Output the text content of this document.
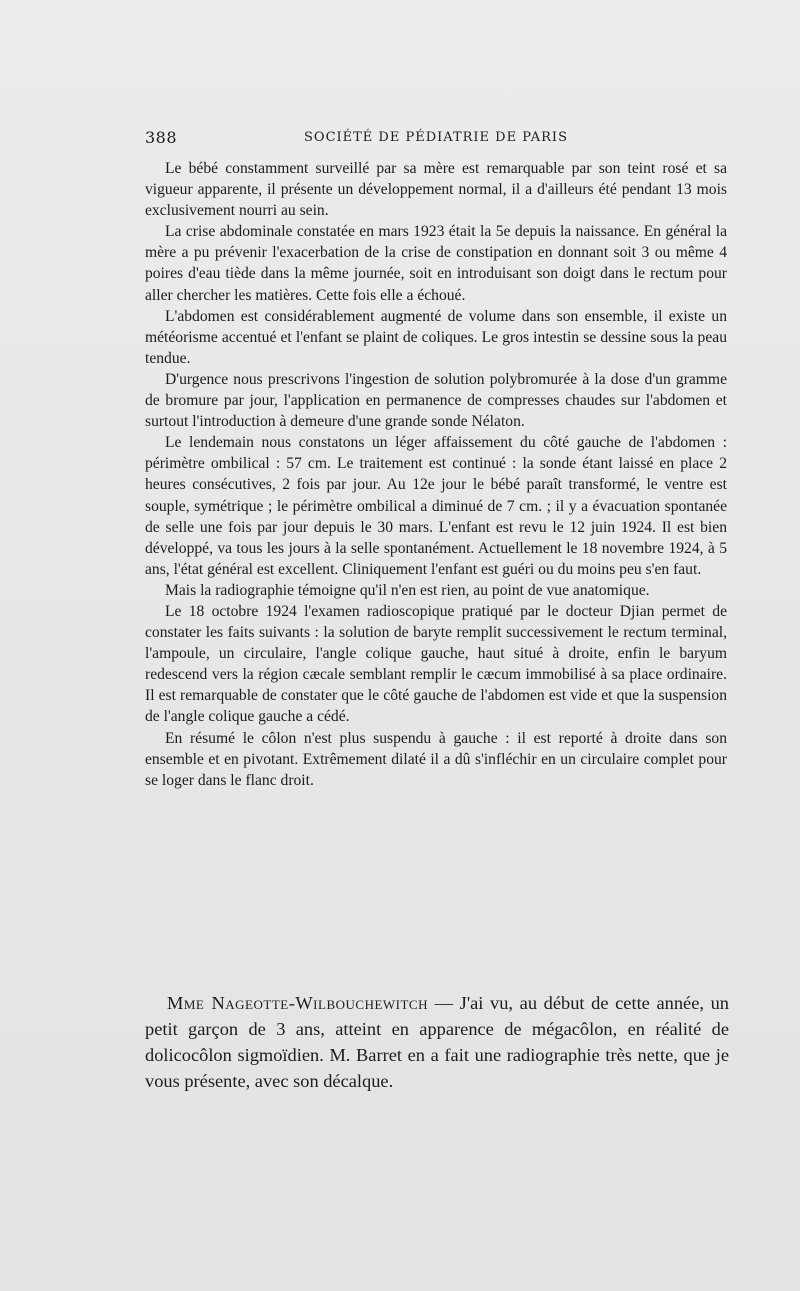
388	SOCIÉTÉ DE PÉDIATRIE DE PARIS

Le bébé constamment surveillé par sa mère est remarquable par son teint rosé et sa vigueur apparente, il présente un développement normal, il a d'ailleurs été pendant 13 mois exclusivement nourri au sein.

La crise abdominale constatée en mars 1923 était la 5e depuis la naissance. En général la mère a pu prévenir l'exacerbation de la crise de constipation en donnant soit 3 ou même 4 poires d'eau tiède dans la même journée, soit en introduisant son doigt dans le rectum pour aller chercher les matières. Cette fois elle a échoué.

L'abdomen est considérablement augmenté de volume dans son ensemble, il existe un météorisme accentué et l'enfant se plaint de coliques. Le gros intestin se dessine sous la peau tendue.

D'urgence nous prescrivons l'ingestion de solution polybromurée à la dose d'un gramme de bromure par jour, l'application en permanence de compresses chaudes sur l'abdomen et surtout l'introduction à demeure d'une grande sonde Nélaton.

Le lendemain nous constatons un léger affaissement du côté gauche de l'abdomen : périmètre ombilical : 57 cm. Le traitement est continué : la sonde étant laissé en place 2 heures consécutives, 2 fois par jour. Au 12e jour le bébé paraît transformé, le ventre est souple, symétrique ; le périmètre ombilical a diminué de 7 cm. ; il y a évacuation spontanée de selle une fois par jour depuis le 30 mars. L'enfant est revu le 12 juin 1924. Il est bien développé, va tous les jours à la selle spontanément. Actuellement le 18 novembre 1924, à 5 ans, l'état général est excellent. Cliniquement l'enfant est guéri ou du moins peu s'en faut.

Mais la radiographie témoigne qu'il n'en est rien, au point de vue anatomique.

Le 18 octobre 1924 l'examen radioscopique pratiqué par le docteur Djian permet de constater les faits suivants : la solution de baryte remplit successivement le rectum terminal, l'ampoule, un circulaire, l'angle colique gauche, haut situé à droite, enfin le baryum redescend vers la région cæcale semblant remplir le cæcum immobilisé à sa place ordinaire. Il est remarquable de constater que le côté gauche de l'abdomen est vide et que la suspension de l'angle colique gauche a cédé.

En résumé le côlon n'est plus suspendu à gauche : il est reporté à droite dans son ensemble et en pivotant. Extrêmement dilaté il a dû s'infléchir en un circulaire complet pour se loger dans le flanc droit.

Mme Nageotte-Wilbouchewitch — J'ai vu, au début de cette année, un petit garçon de 3 ans, atteint en apparence de mégacôlon, en réalité de dolicocôlon sigmoïdien. M. Barret en a fait une radiographie très nette, que je vous présente, avec son décalque.
